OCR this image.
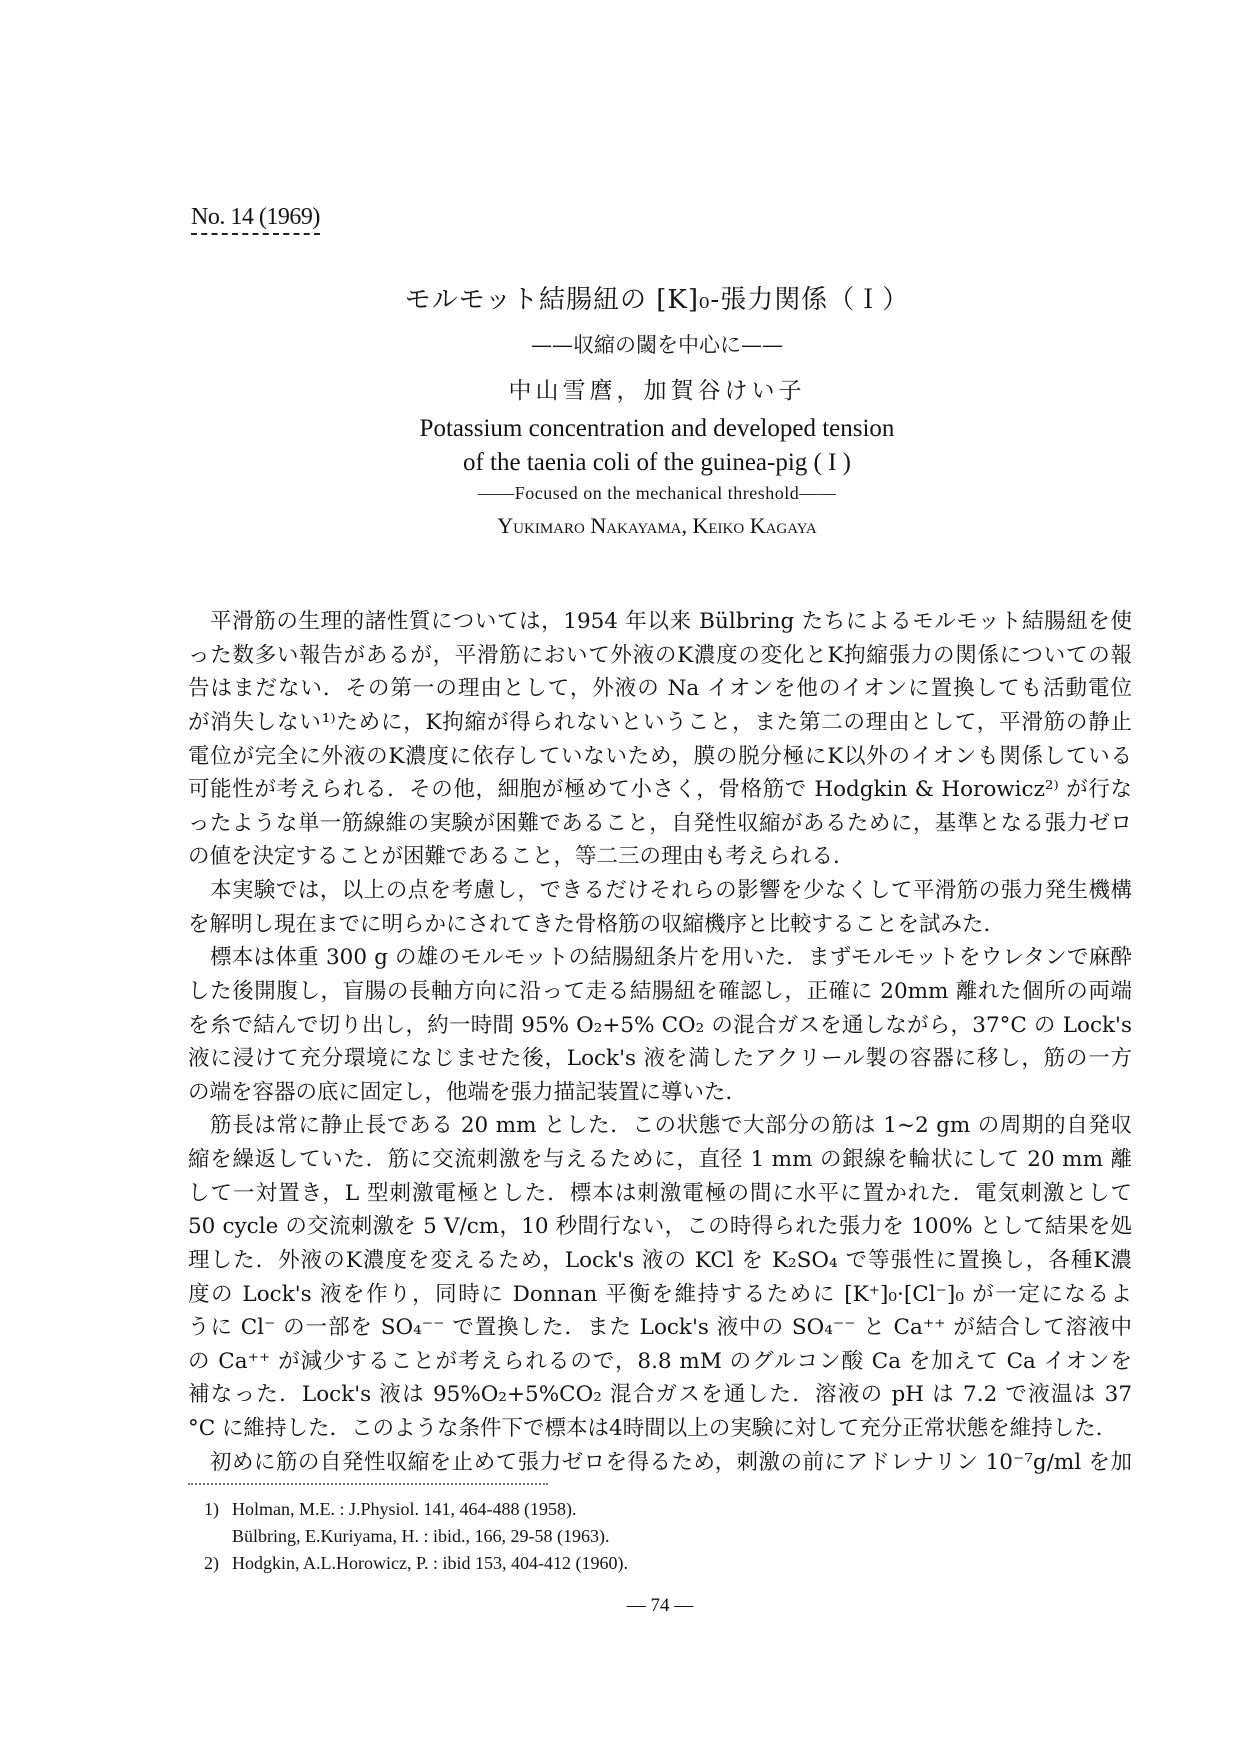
No. 14 (1969)
モルモット結腸紐の [K]₀-張力関係（Ｉ）
——収縮の閾を中心に——
中山雪麿，加賀谷けい子
Potassium concentration and developed tension
of the taenia coli of the guinea-pig ( I )
——Focused on the mechanical threshold——
Yukimaro Nakayama, Keiko Kagaya
平滑筋の生理的諸性質については，1954 年以来 Bülbring たちによるモルモット結腸紐を使
った数多い報告があるが，平滑筋において外液のK濃度の変化とK拘縮張力の関係についての報
告はまだない．その第一の理由として，外液の Na イオンを他のイオンに置換しても活動電位
が消失しない¹⁾ために，K拘縮が得られないということ，また第二の理由として，平滑筋の静止
電位が完全に外液のK濃度に依存していないため，膜の脱分極にK以外のイオンも関係している
可能性が考えられる．その他，細胞が極めて小さく，骨格筋で Hodgkin & Horowicz²⁾ が行な
ったような単一筋線維の実験が困難であること，自発性収縮があるために，基準となる張力ゼロ
の値を決定することが困難であること，等二三の理由も考えられる．
本実験では，以上の点を考慮し，できるだけそれらの影響を少なくして平滑筋の張力発生機構
を解明し現在までに明らかにされてきた骨格筋の収縮機序と比較することを試みた．
標本は体重 300 g の雄のモルモットの結腸紐条片を用いた．まずモルモットをウレタンで麻酔
した後開腹し，盲腸の長軸方向に沿って走る結腸紐を確認し，正確に 20mm 離れた個所の両端
を糸で結んで切り出し，約一時間 95% O₂+5% CO₂ の混合ガスを通しながら，37°C の Lock's
液に浸けて充分環境になじませた後，Lock's 液を満したアクリール製の容器に移し，筋の一方
の端を容器の底に固定し，他端を張力描記装置に導いた．
筋長は常に静止長である 20 mm とした．この状態で大部分の筋は 1~2 gm の周期的自発収
縮を繰返していた．筋に交流刺激を与えるために，直径 1 mm の銀線を輪状にして 20 mm 離
して一対置き，L 型刺激電極とした．標本は刺激電極の間に水平に置かれた．電気刺激として
50 cycle の交流刺激を 5 V/cm，10 秒間行ない，この時得られた張力を 100% として結果を処
理した．外液のK濃度を変えるため，Lock's 液の KCl を K₂SO₄ で等張性に置換し，各種K濃
度の Lock's 液を作り，同時に Donnan 平衡を維持するために [K⁺]₀·[Cl⁻]₀ が一定になるよ
うに Cl⁻ の一部を SO₄⁻⁻ で置換した．また Lock's 液中の SO₄⁻⁻ と Ca⁺⁺ が結合して溶液中
の Ca⁺⁺ が減少することが考えられるので，8.8 mM のグルコン酸 Ca を加えて Ca イオンを
補なった．Lock's 液は 95%O₂+5%CO₂ 混合ガスを通した．溶液の pH は 7.2 で液温は 37
°C に維持した．このような条件下で標本は4時間以上の実験に対して充分正常状態を維持した．
初めに筋の自発性収縮を止めて張力ゼロを得るため，刺激の前にアドレナリン 10⁻⁷g/ml を加
1) Holman, M.E. : J.Physiol. 141, 464-488 (1958).
Bülbring, E.Kuriyama, H. : ibid., 166, 29-58 (1963).
2) Hodgkin, A.L.Horowicz, P. : ibid 153, 404-412 (1960).
— 74 —
